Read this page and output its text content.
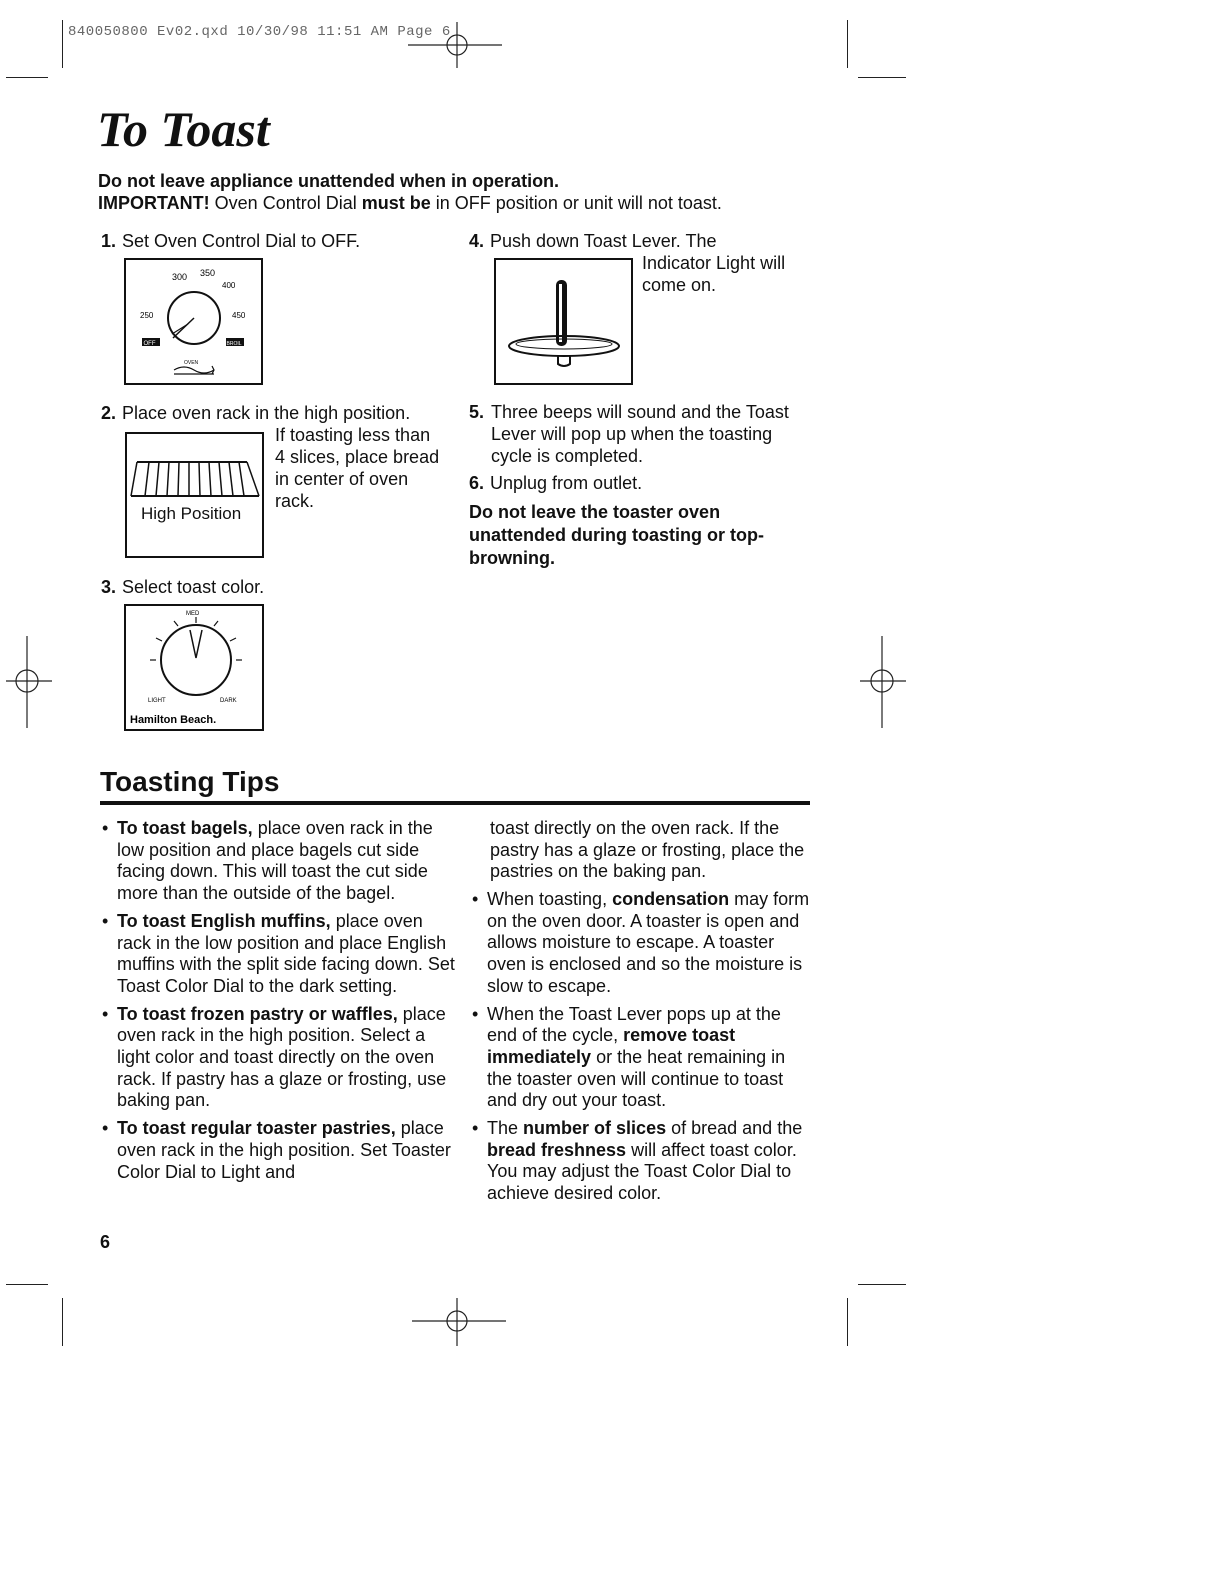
840050800 Ev02.qxd 10/30/98 11:51 AM Page 6
To Toast
Do not leave appliance unattended when in operation.
IMPORTANT! Oven Control Dial must be in OFF position or unit will not toast.
1. Set Oven Control Dial to OFF.
300 350
400
450
250
OFF	BROIL
OVEN
2. Place oven rack in the high position.
High Position
If toasting less than 4 slices, place bread in center of oven rack.
3. Select toast color.
MED
LIGHT	DARK
Hamilton Beach.
4. Push down Toast Lever. The
Indicator Light will come on.
5. Three beeps will sound and the Toast Lever will pop up when the toasting cycle is completed.
6. Unplug from outlet.
Do not leave the toaster oven unattended during toasting or top-browning.
Toasting Tips
• To toast bagels, place oven rack in the low position and place bagels cut side facing down. This will toast the cut side more than the outside of the bagel.
• To toast English muffins, place oven rack in the low position and place English muffins with the split side facing down. Set Toast Color Dial to the dark setting.
• To toast frozen pastry or waffles, place oven rack in the high position. Select a light color and toast directly on the oven rack. If pastry has a glaze or frosting, use baking pan.
• To toast regular toaster pastries, place oven rack in the high position. Set Toaster Color Dial to Light and
toast directly on the oven rack. If the pastry has a glaze or frosting, place the pastries on the baking pan.
• When toasting, condensation may form on the oven door. A toaster is open and allows moisture to escape. A toaster oven is enclosed and so the moisture is slow to escape.
• When the Toast Lever pops up at the end of the cycle, remove toast immediately or the heat remaining in the toaster oven will continue to toast and dry out your toast.
• The number of slices of bread and the bread freshness will affect toast color. You may adjust the Toast Color Dial to achieve desired color.
6
